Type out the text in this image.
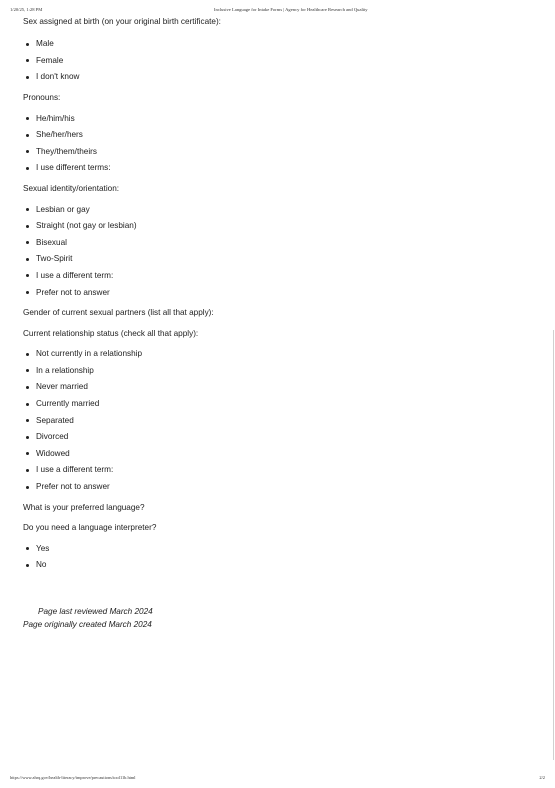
1/20/25, 1:28 PM	Inclusive Language for Intake Forms | Agency for Healthcare Research and Quality

Sex assigned at birth (on your original birth certificate):

Male
Female
I don't know

Pronouns:

He/him/his
She/her/hers
They/them/theirs
I use different terms:

Sexual identity/orientation:

Lesbian or gay
Straight (not gay or lesbian)
Bisexual
Two-Spirit
I use a different term:
Prefer not to answer

Gender of current sexual partners (list all that apply):

Current relationship status (check all that apply):

Not currently in a relationship
In a relationship
Never married
Currently married
Separated
Divorced
Widowed
I use a different term:
Prefer not to answer

What is your preferred language?

Do you need a language interpreter?

Yes
No
Page last reviewed March 2024
Page originally created March 2024
https://www.ahrq.gov/health-literacy/improve/precautions/tool11b.html	2/2
